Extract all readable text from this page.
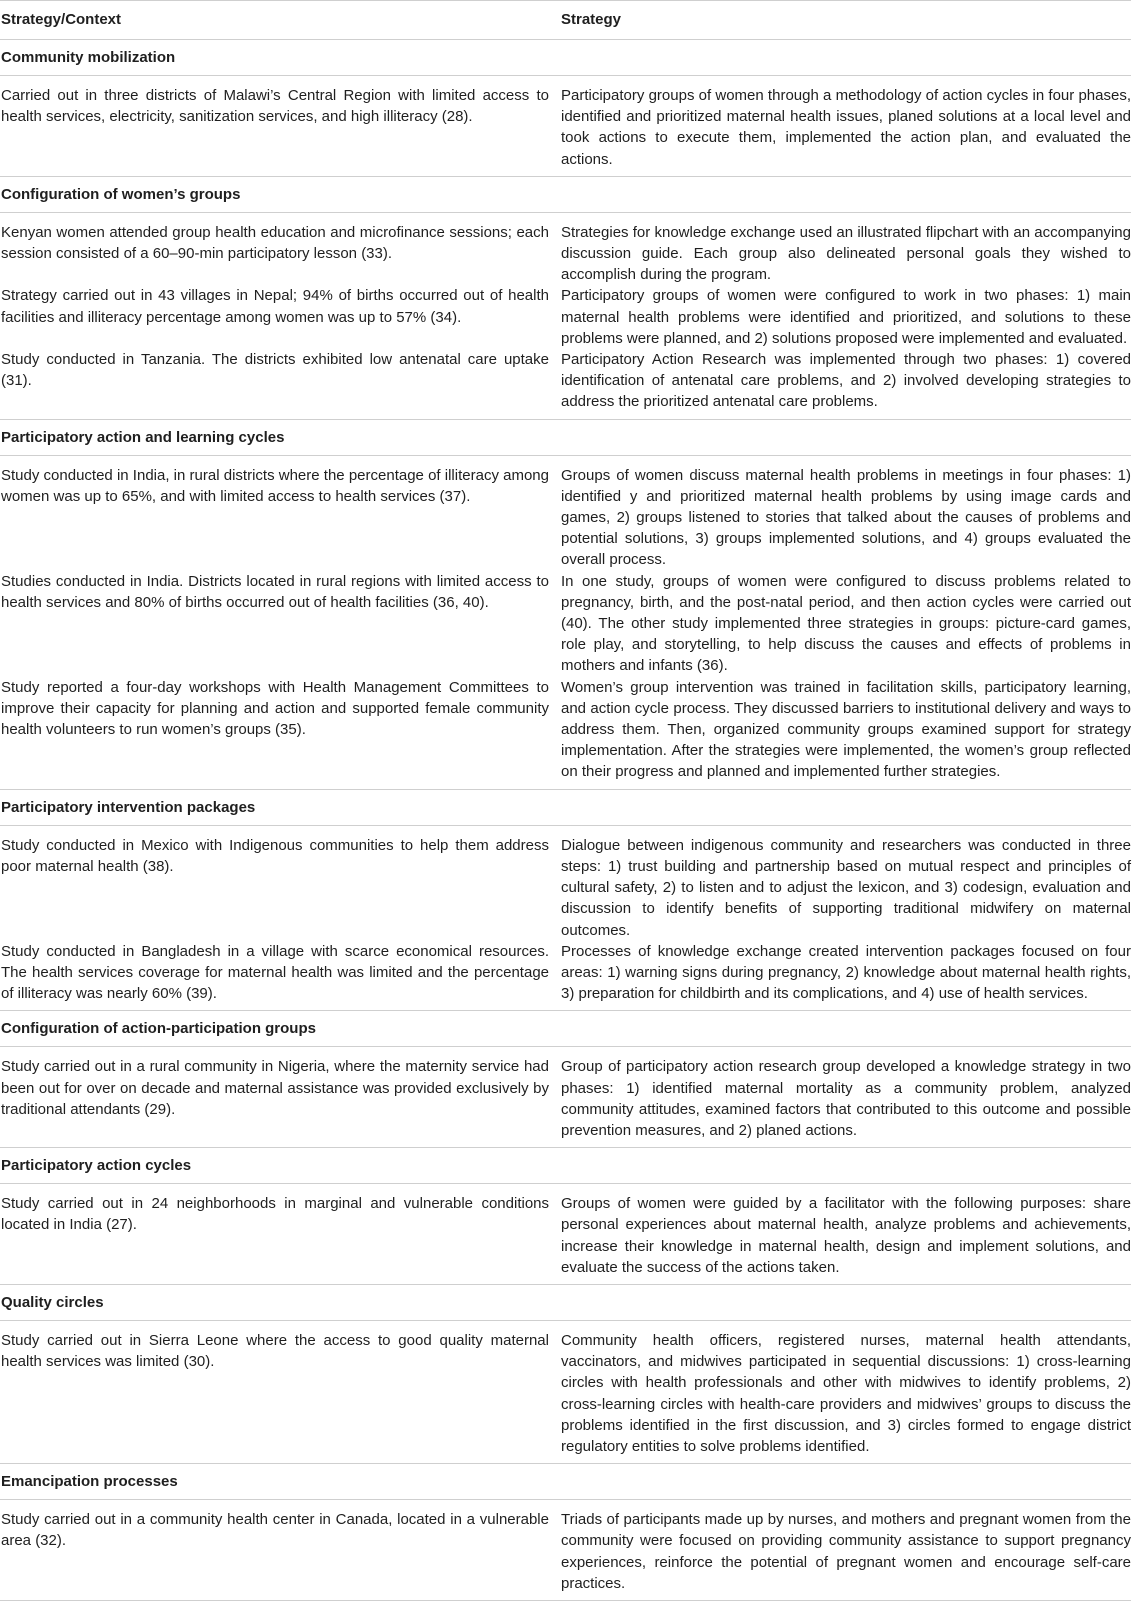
Strategy/Context	Strategy
Community mobilization
Carried out in three districts of Malawi’s Central Region with limited access to health services, electricity, sanitization services, and high illiteracy (28).
Participatory groups of women through a methodology of action cycles in four phases, identified and prioritized maternal health issues, planed solutions at a local level and took actions to execute them, implemented the action plan, and evaluated the actions.
Configuration of women’s groups
Kenyan women attended group health education and microfinance sessions; each session consisted of a 60–90-min participatory lesson (33).
Strategies for knowledge exchange used an illustrated flipchart with an accompanying discussion guide. Each group also delineated personal goals they wished to accomplish during the program.
Strategy carried out in 43 villages in Nepal; 94% of births occurred out of health facilities and illiteracy percentage among women was up to 57% (34).
Participatory groups of women were configured to work in two phases: 1) main maternal health problems were identified and prioritized, and solutions to these problems were planned, and 2) solutions proposed were implemented and evaluated.
Study conducted in Tanzania. The districts exhibited low antenatal care uptake (31).
Participatory Action Research was implemented through two phases: 1) covered identification of antenatal care problems, and 2) involved developing strategies to address the prioritized antenatal care problems.
Participatory action and learning cycles
Study conducted in India, in rural districts where the percentage of illiteracy among women was up to 65%, and with limited access to health services (37).
Groups of women discuss maternal health problems in meetings in four phases: 1) identified y and prioritized maternal health problems by using image cards and games, 2) groups listened to stories that talked about the causes of problems and potential solutions, 3) groups implemented solutions, and 4) groups evaluated the overall process.
Studies conducted in India. Districts located in rural regions with limited access to health services and 80% of births occurred out of health facilities (36, 40).
In one study, groups of women were configured to discuss problems related to pregnancy, birth, and the post-natal period, and then action cycles were carried out (40). The other study implemented three strategies in groups: picture-card games, role play, and storytelling, to help discuss the causes and effects of problems in mothers and infants (36).
Study reported a four-day workshops with Health Management Committees to improve their capacity for planning and action and supported female community health volunteers to run women’s groups (35).
Women’s group intervention was trained in facilitation skills, participatory learning, and action cycle process. They discussed barriers to institutional delivery and ways to address them. Then, organized community groups examined support for strategy implementation. After the strategies were implemented, the women’s group reflected on their progress and planned and implemented further strategies.
Participatory intervention packages
Study conducted in Mexico with Indigenous communities to help them address poor maternal health (38).
Dialogue between indigenous community and researchers was conducted in three steps: 1) trust building and partnership based on mutual respect and principles of cultural safety, 2) to listen and to adjust the lexicon, and 3) codesign, evaluation and discussion to identify benefits of supporting traditional midwifery on maternal outcomes.
Study conducted in Bangladesh in a village with scarce economical resources. The health services coverage for maternal health was limited and the percentage of illiteracy was nearly 60% (39).
Processes of knowledge exchange created intervention packages focused on four areas: 1) warning signs during pregnancy, 2) knowledge about maternal health rights, 3) preparation for childbirth and its complications, and 4) use of health services.
Configuration of action-participation groups
Study carried out in a rural community in Nigeria, where the maternity service had been out for over on decade and maternal assistance was provided exclusively by traditional attendants (29).
Group of participatory action research group developed a knowledge strategy in two phases: 1) identified maternal mortality as a community problem, analyzed community attitudes, examined factors that contributed to this outcome and possible prevention measures, and 2) planed actions.
Participatory action cycles
Study carried out in 24 neighborhoods in marginal and vulnerable conditions located in India (27).
Groups of women were guided by a facilitator with the following purposes: share personal experiences about maternal health, analyze problems and achievements, increase their knowledge in maternal health, design and implement solutions, and evaluate the success of the actions taken.
Quality circles
Study carried out in Sierra Leone where the access to good quality maternal health services was limited (30).
Community health officers, registered nurses, maternal health attendants, vaccinators, and midwives participated in sequential discussions: 1) cross-learning circles with health professionals and other with midwives to identify problems, 2) cross-learning circles with health-care providers and midwives’ groups to discuss the problems identified in the first discussion, and 3) circles formed to engage district regulatory entities to solve problems identified.
Emancipation processes
Study carried out in a community health center in Canada, located in a vulnerable area (32).
Triads of participants made up by nurses, and mothers and pregnant women from the community were focused on providing community assistance to support pregnancy experiences, reinforce the potential of pregnant women and encourage self-care practices.
